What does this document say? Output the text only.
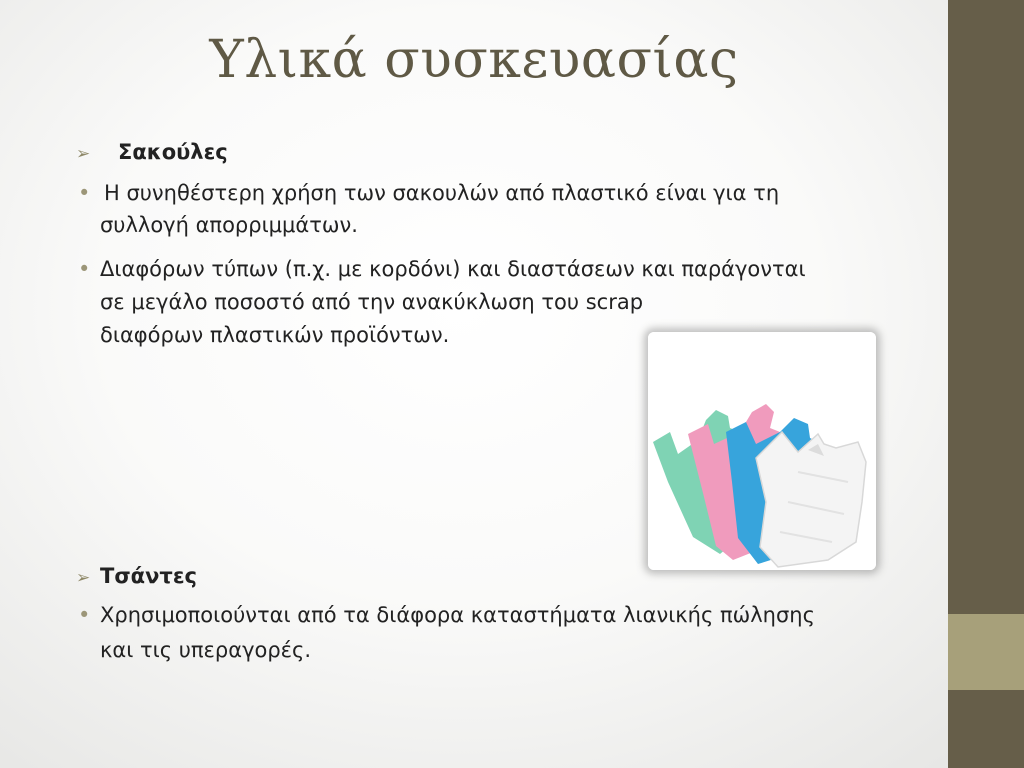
Υλικά συσκευασίας
➢ Σακούλες
• Η συνηθέστερη χρήση των σακουλών από πλαστικό είναι για τη
συλλογή απορριμμάτων.
• Διαφόρων τύπων (π.χ. με κορδόνι) και διαστάσεων και παράγονται
σε μεγάλο ποσοστό από την ανακύκλωση του scrap
διαφόρων πλαστικών προϊόντων.
➢ Τσάντες
• Χρησιμοποιούνται από τα διάφορα καταστήματα λιανικής πώλησης
και τις υπεραγορές.
